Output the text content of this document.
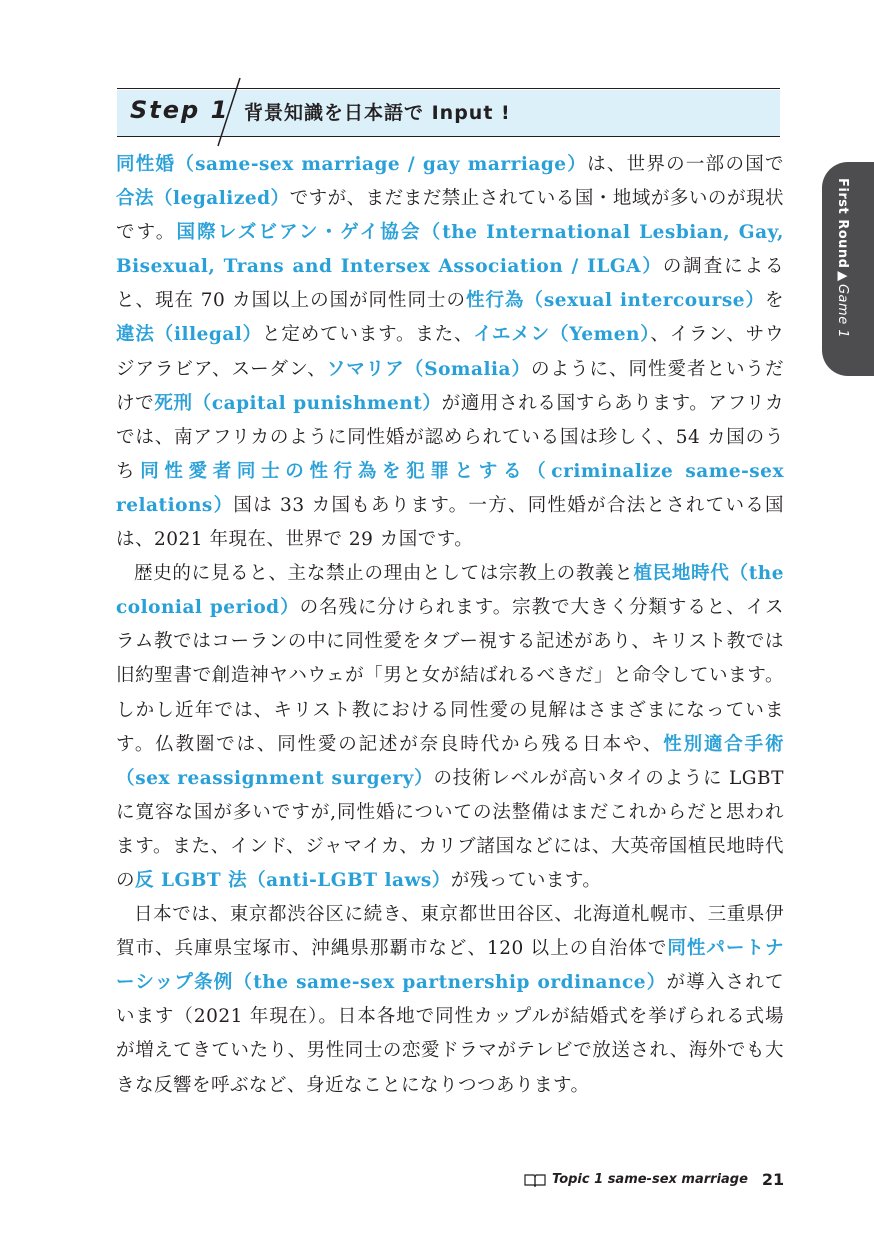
Step 1 背景知識を日本語で Input !
First Round▶Game 1

同性婚（same-sex marriage / gay marriage）は、世界の一部の国で合法（legalized）ですが、まだまだ禁止されている国・地域が多いのが現状です。国際レズビアン・ゲイ協会（the International Lesbian, Gay, Bisexual, Trans and Intersex Association / ILGA）の調査によると、現在 70 カ国以上の国が同性同士の性行為（sexual intercourse）を違法（illegal）と定めています。また、イエメン（Yemen）、イラン、サウジアラビア、スーダン、ソマリア（Somalia）のように、同性愛者というだけで死刑（capital punishment）が適用される国すらあります。アフリカでは、南アフリカのように同性婚が認められている国は珍しく、54 カ国のうち同性愛者同士の性行為を犯罪とする（criminalize same-sex relations）国は 33 カ国もあります。一方、同性婚が合法とされている国は、2021 年現在、世界で 29 カ国です。

歴史的に見ると、主な禁止の理由としては宗教上の教義と植民地時代（the colonial period）の名残に分けられます。宗教で大きく分類すると、イスラム教ではコーランの中に同性愛をタブー視する記述があり、キリスト教では旧約聖書で創造神ヤハウェが「男と女が結ばれるべきだ」と命令しています。しかし近年では、キリスト教における同性愛の見解はさまざまになっています。仏教圏では、同性愛の記述が奈良時代から残る日本や、性別適合手術（sex reassignment surgery）の技術レベルが高いタイのように LGBT に寛容な国が多いですが,同性婚についての法整備はまだこれからだと思われます。また、インド、ジャマイカ、カリブ諸国などには、大英帝国植民地時代の反 LGBT 法（anti-LGBT laws）が残っています。

日本では、東京都渋谷区に続き、東京都世田谷区、北海道札幌市、三重県伊賀市、兵庫県宝塚市、沖縄県那覇市など、120 以上の自治体で同性パートナーシップ条例（the same-sex partnership ordinance）が導入されています（2021 年現在）。日本各地で同性カップルが結婚式を挙げられる式場が増えてきていたり、男性同士の恋愛ドラマがテレビで放送され、海外でも大きな反響を呼ぶなど、身近なことになりつつあります。

Topic 1 same-sex marriage 21
